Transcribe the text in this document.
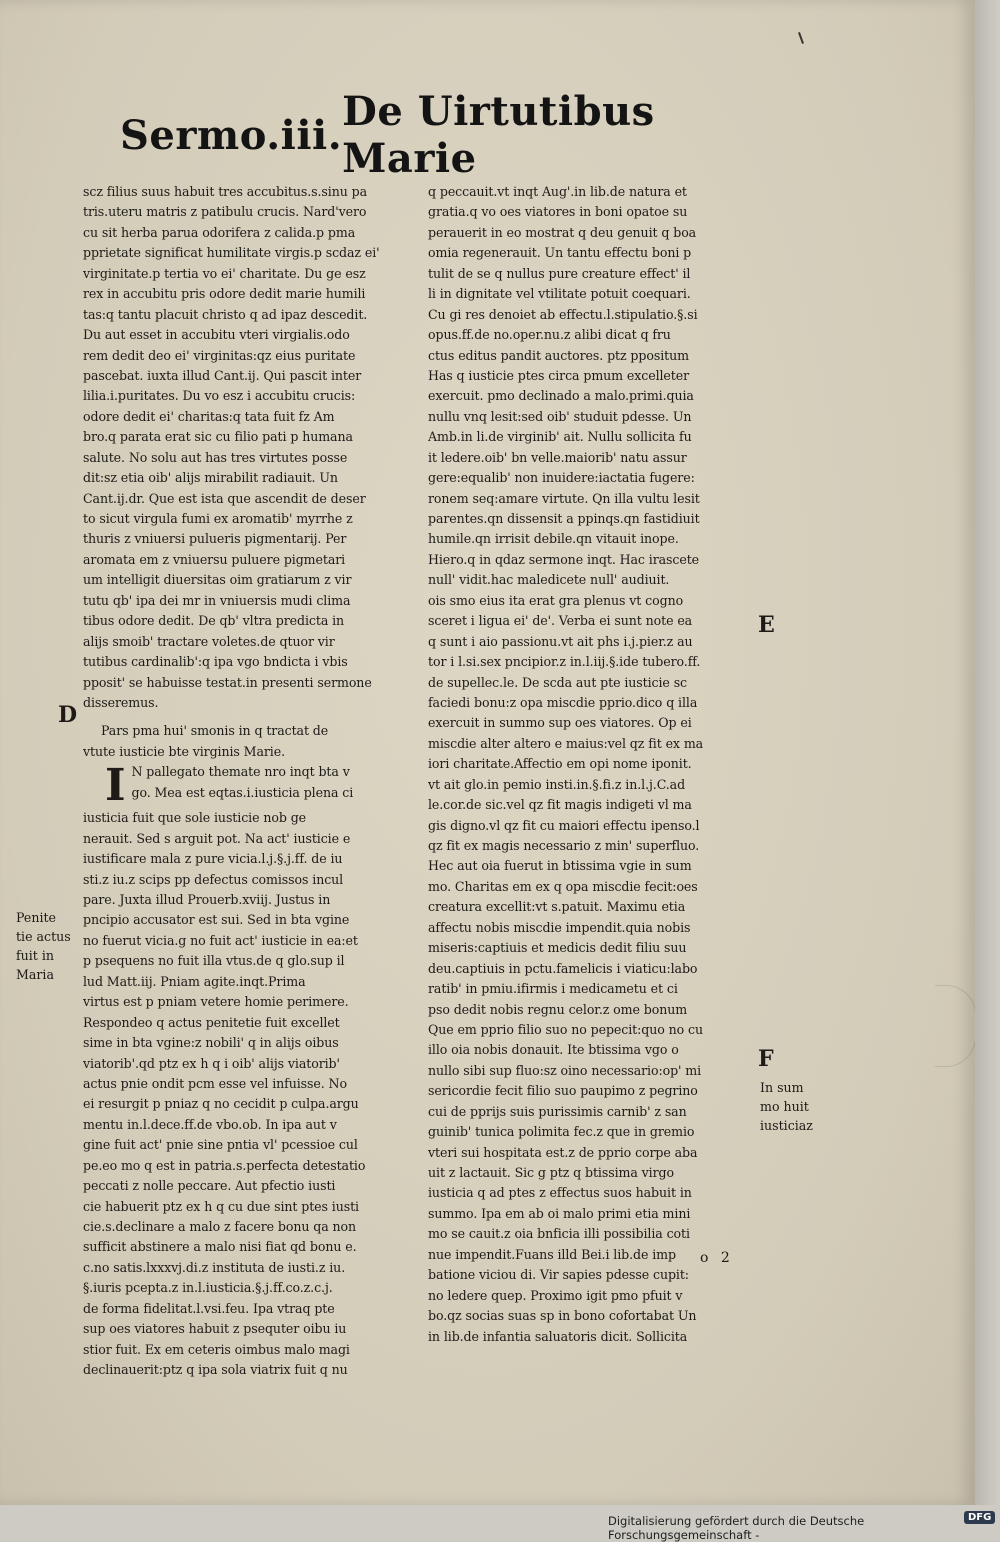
Sermo.iii. De Uirtutibus Marie
scz filius suus habuit tres accubitus.s.sinu pa
tris.uteru matris z patibulu crucis. Nard'vero
cu sit herba parua odorifera z calida.p pma
pprietate significat humilitate virgis.p scdaz ei'
virginitate.p tertia vo ei' charitate. Du ge esz
rex in accubitu pris odore dedit marie humili
tas:q tantu placuit christo q ad ipaz descedit.
Du aut esset in accubitu vteri virgialis.odo
rem dedit deo ei' virginitas:qz eius puritate
pascebat. iuxta illud Cant.ij. Qui pascit inter
lilia.i.puritates. Du vo esz i accubitu crucis:
odore dedit ei' charitas:q tata fuit fz Am
bro.q parata erat sic cu filio pati p humana
salute. No solu aut has tres virtutes posse
dit:sz etia oib' alijs mirabilit radiauit. Un
Cant.ij.dr. Que est ista que ascendit de deser
to sicut virgula fumi ex aromatib' myrrhe z
thuris z vniuersi pulueris pigmentarij. Per
aromata em z vniuersu puluere pigmetari
um intelligit diuersitas oim gratiarum z vir
tutu qb' ipa dei mr in vniuersis mudi clima
tibus odore dedit. De qb' vltra predicta in
alijs smoib' tractare voletes.de qtuor vir
tutibus cardinalib':q ipa vgo bndicta i vbis
pposit' se habuisse testat.in presenti sermone
disseremus.
Pars pma hui' smonis in q tractat de
vtute iusticie bte virginis Marie.
I N pallegato themate nro inqt bta v
go. Mea est eqtas.i.iusticia plena ci
iusticia fuit que sole iusticie nob ge
nerauit. Sed s arguit pot. Na act' iusticie e
iustificare mala z pure vicia.l.j.§.j.ff. de iu
sti.z iu.z scips pp defectus comissos incul
pare. Juxta illud Prouerb.xviij. Justus in
pncipio accusator est sui. Sed in bta vgine
no fuerut vicia.g no fuit act' iusticie in ea:et
p psequens no fuit illa vtus.de q glo.sup il
lud Matt.iij. Pniam agite.inqt.Prima
virtus est p pniam vetere homie perimere.
Respondeo q actus penitetie fuit excellet
sime in bta vgine:z nobili' q in alijs oibus
viatorib'.qd ptz ex h q i oib' alijs viatorib'
actus pnie ondit pcm esse vel infuisse. No
ei resurgit p pniaz q no cecidit p culpa.argu
mentu in.l.dece.ff.de vbo.ob. In ipa aut v
gine fuit act' pnie sine pntia vl' pcessioe cul
pe.eo mo q est in patria.s.perfecta detestatio
peccati z nolle peccare. Aut pfectio iusti
cie habuerit ptz ex h q cu due sint ptes iusti
cie.s.declinare a malo z facere bonu qa non
sufficit abstinere a malo nisi fiat qd bonu e.
c.no satis.lxxxvj.di.z instituta de iusti.z iu.
§.iuris pcepta.z in.l.iusticia.§.j.ff.co.z.c.j.
de forma fidelitat.l.vsi.feu. Ipa vtraq pte
sup oes viatores habuit z psequter oibu iu
stior fuit. Ex em ceteris oimbus malo magi
declinauerit:ptz q ipa sola viatrix fuit q nu
q peccauit.vt inqt Aug'.in lib.de natura et
gratia.q vo oes viatores in boni opatoe su
perauerit in eo mostrat q deu genuit q boa
omia regenerauit. Un tantu effectu boni p
tulit de se q nullus pure creature effect' il
li in dignitate vel vtilitate potuit coequari.
Cu gi res denoiet ab effectu.l.stipulatio.§.si
opus.ff.de no.oper.nu.z alibi dicat q fru
ctus editus pandit auctores. ptz ppositum
Has q iusticie ptes circa pmum excelleter
exercuit. pmo declinado a malo.primi.quia
nullu vnq lesit:sed oib' studuit pdesse. Un
Amb.in li.de virginib' ait. Nullu sollicita fu
it ledere.oib' bn velle.maiorib' natu assur
gere:equalib' non inuidere:iactatia fugere:
ronem seq:amare virtute. Qn illa vultu lesit
parentes.qn dissensit a ppinqs.qn fastidiuit
humile.qn irrisit debile.qn vitauit inope.
Hiero.q in qdaz sermone inqt. Hac irascete
null' vidit.hac maledicete null' audiuit.
ois smo eius ita erat gra plenus vt cogno
sceret i ligua ei' de'. Verba ei sunt note ea
q sunt i aio passionu.vt ait phs i.j.pier.z au
tor i l.si.sex pncipior.z in.l.iij.§.ide tubero.ff.
de supellec.le. De scda aut pte iusticie sc
faciedi bonu:z opa miscdie pprio.dico q illa
exercuit in summo sup oes viatores. Op ei
miscdie alter altero e maius:vel qz fit ex ma
iori charitate.Affectio em opi nome iponit.
vt ait glo.in pemio insti.in.§.fi.z in.l.j.C.ad
le.cor.de sic.vel qz fit magis indigeti vl ma
gis digno.vl qz fit cu maiori effectu ipenso.l
qz fit ex magis necessario z min' superfluo.
Hec aut oia fuerut in btissima vgie in sum
mo. Charitas em ex q opa miscdie fecit:oes
creatura excellit:vt s.patuit. Maximu etia
affectu nobis miscdie impendit.quia nobis
miseris:captiuis et medicis dedit filiu suu
deu.captiuis in pctu.famelicis i viaticu:labo
ratib' in pmiu.ifirmis i medicametu et ci
pso dedit nobis regnu celor.z ome bonum
Que em pprio filio suo no pepecit:quo no cu
illo oia nobis donauit. Ite btissima vgo o
nullo sibi sup fluo:sz oino necessario:op' mi
sericordie fecit filio suo paupimo z pegrino
cui de pprijs suis purissimis carnib' z san
guinib' tunica polimita fec.z que in gremio
vteri sui hospitata est.z de pprio corpe aba
uit z lactauit. Sic g ptz q btissima virgo
iusticia q ad ptes z effectus suos habuit in
summo. Ipa em ab oi malo primi etia mini
mo se cauit.z oia bnficia illi possibilia coti
nue impendit.Fuans illd Bei.i lib.de imp
batione viciou di. Vir sapies pdesse cupit:
no ledere quep. Proximo igit pmo pfuit v
bo.qz socias suas sp in bono cofortabat Un
in lib.de infantia saluatoris dicit. Sollicita
D
E
F
Penite
tie actus
fuit in
Maria
In sum
mo huit
iusticiaz
o 2
Digitalisierung gefördert durch die Deutsche Forschungsgemeinschaft -
DFG
